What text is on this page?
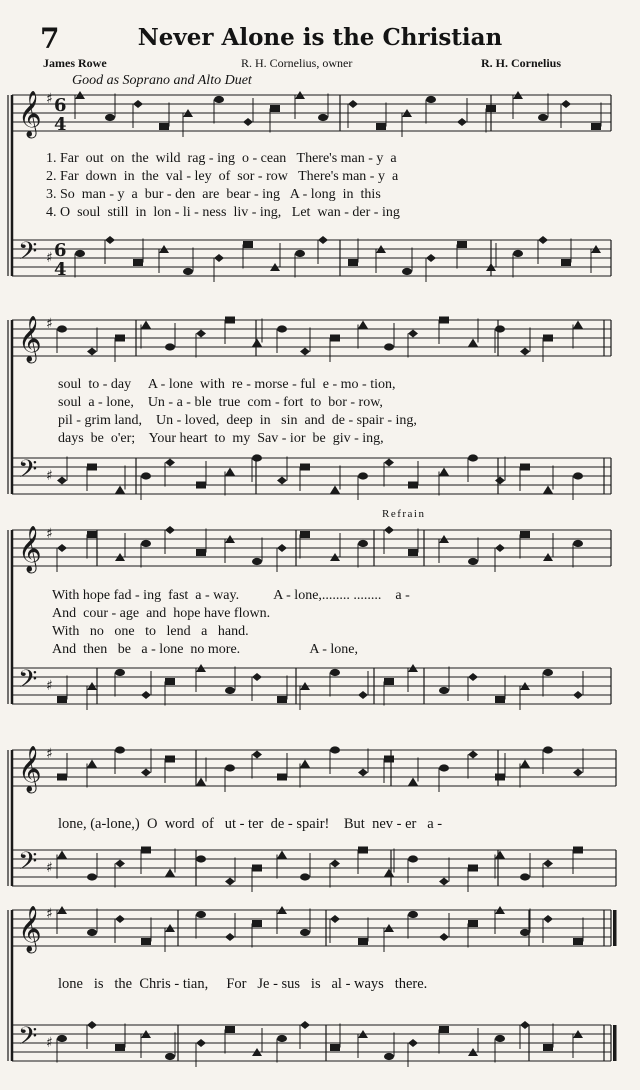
7	Never Alone is the Christian
James Rowe	R. H. Cornelius, owner	R. H. Cornelius
Good as Soprano and Alto Duet
𝄞 ♯
𝄢 ♯
6
4
6
4
𝄞 ♯
𝄢 ♯
𝄞 ♯
𝄢 ♯
𝄞 ♯
𝄢 ♯
𝄞 ♯
𝄢 ♯
1. Far  out  on  the  wild  rag - ing  o - cean   There's man - y  a
2. Far  down  in  the  val - ley  of  sor - row   There's man - y  a
3. So  man - y  a  bur - den  are  bear - ing   A - long  in  this
4. O  soul  still  in  lon - li - ness  liv - ing,   Let  wan - der - ing
soul  to - day     A - lone  with  re - morse - ful  e - mo - tion,
soul  a - lone,    Un - a - ble  true  com - fort  to  bor - row,
pil - grim land,    Un - loved,  deep  in   sin  and  de - spair - ing,
days  be  o'er;    Your heart  to  my  Sav - ior  be  giv - ing,
Refrain
With hope fad - ing  fast  a - way.          A - lone,........ ........    a -
And  cour - age  and  hope have flown.
With   no   one   to   lend   a   hand.
And  then   be   a - lone  no more.                    A - lone,
lone, (a-lone,)  O  word  of   ut - ter  de - spair!    But  nev - er   a -
lone   is   the  Chris - tian,     For   Je - sus   is   al - ways   there.
